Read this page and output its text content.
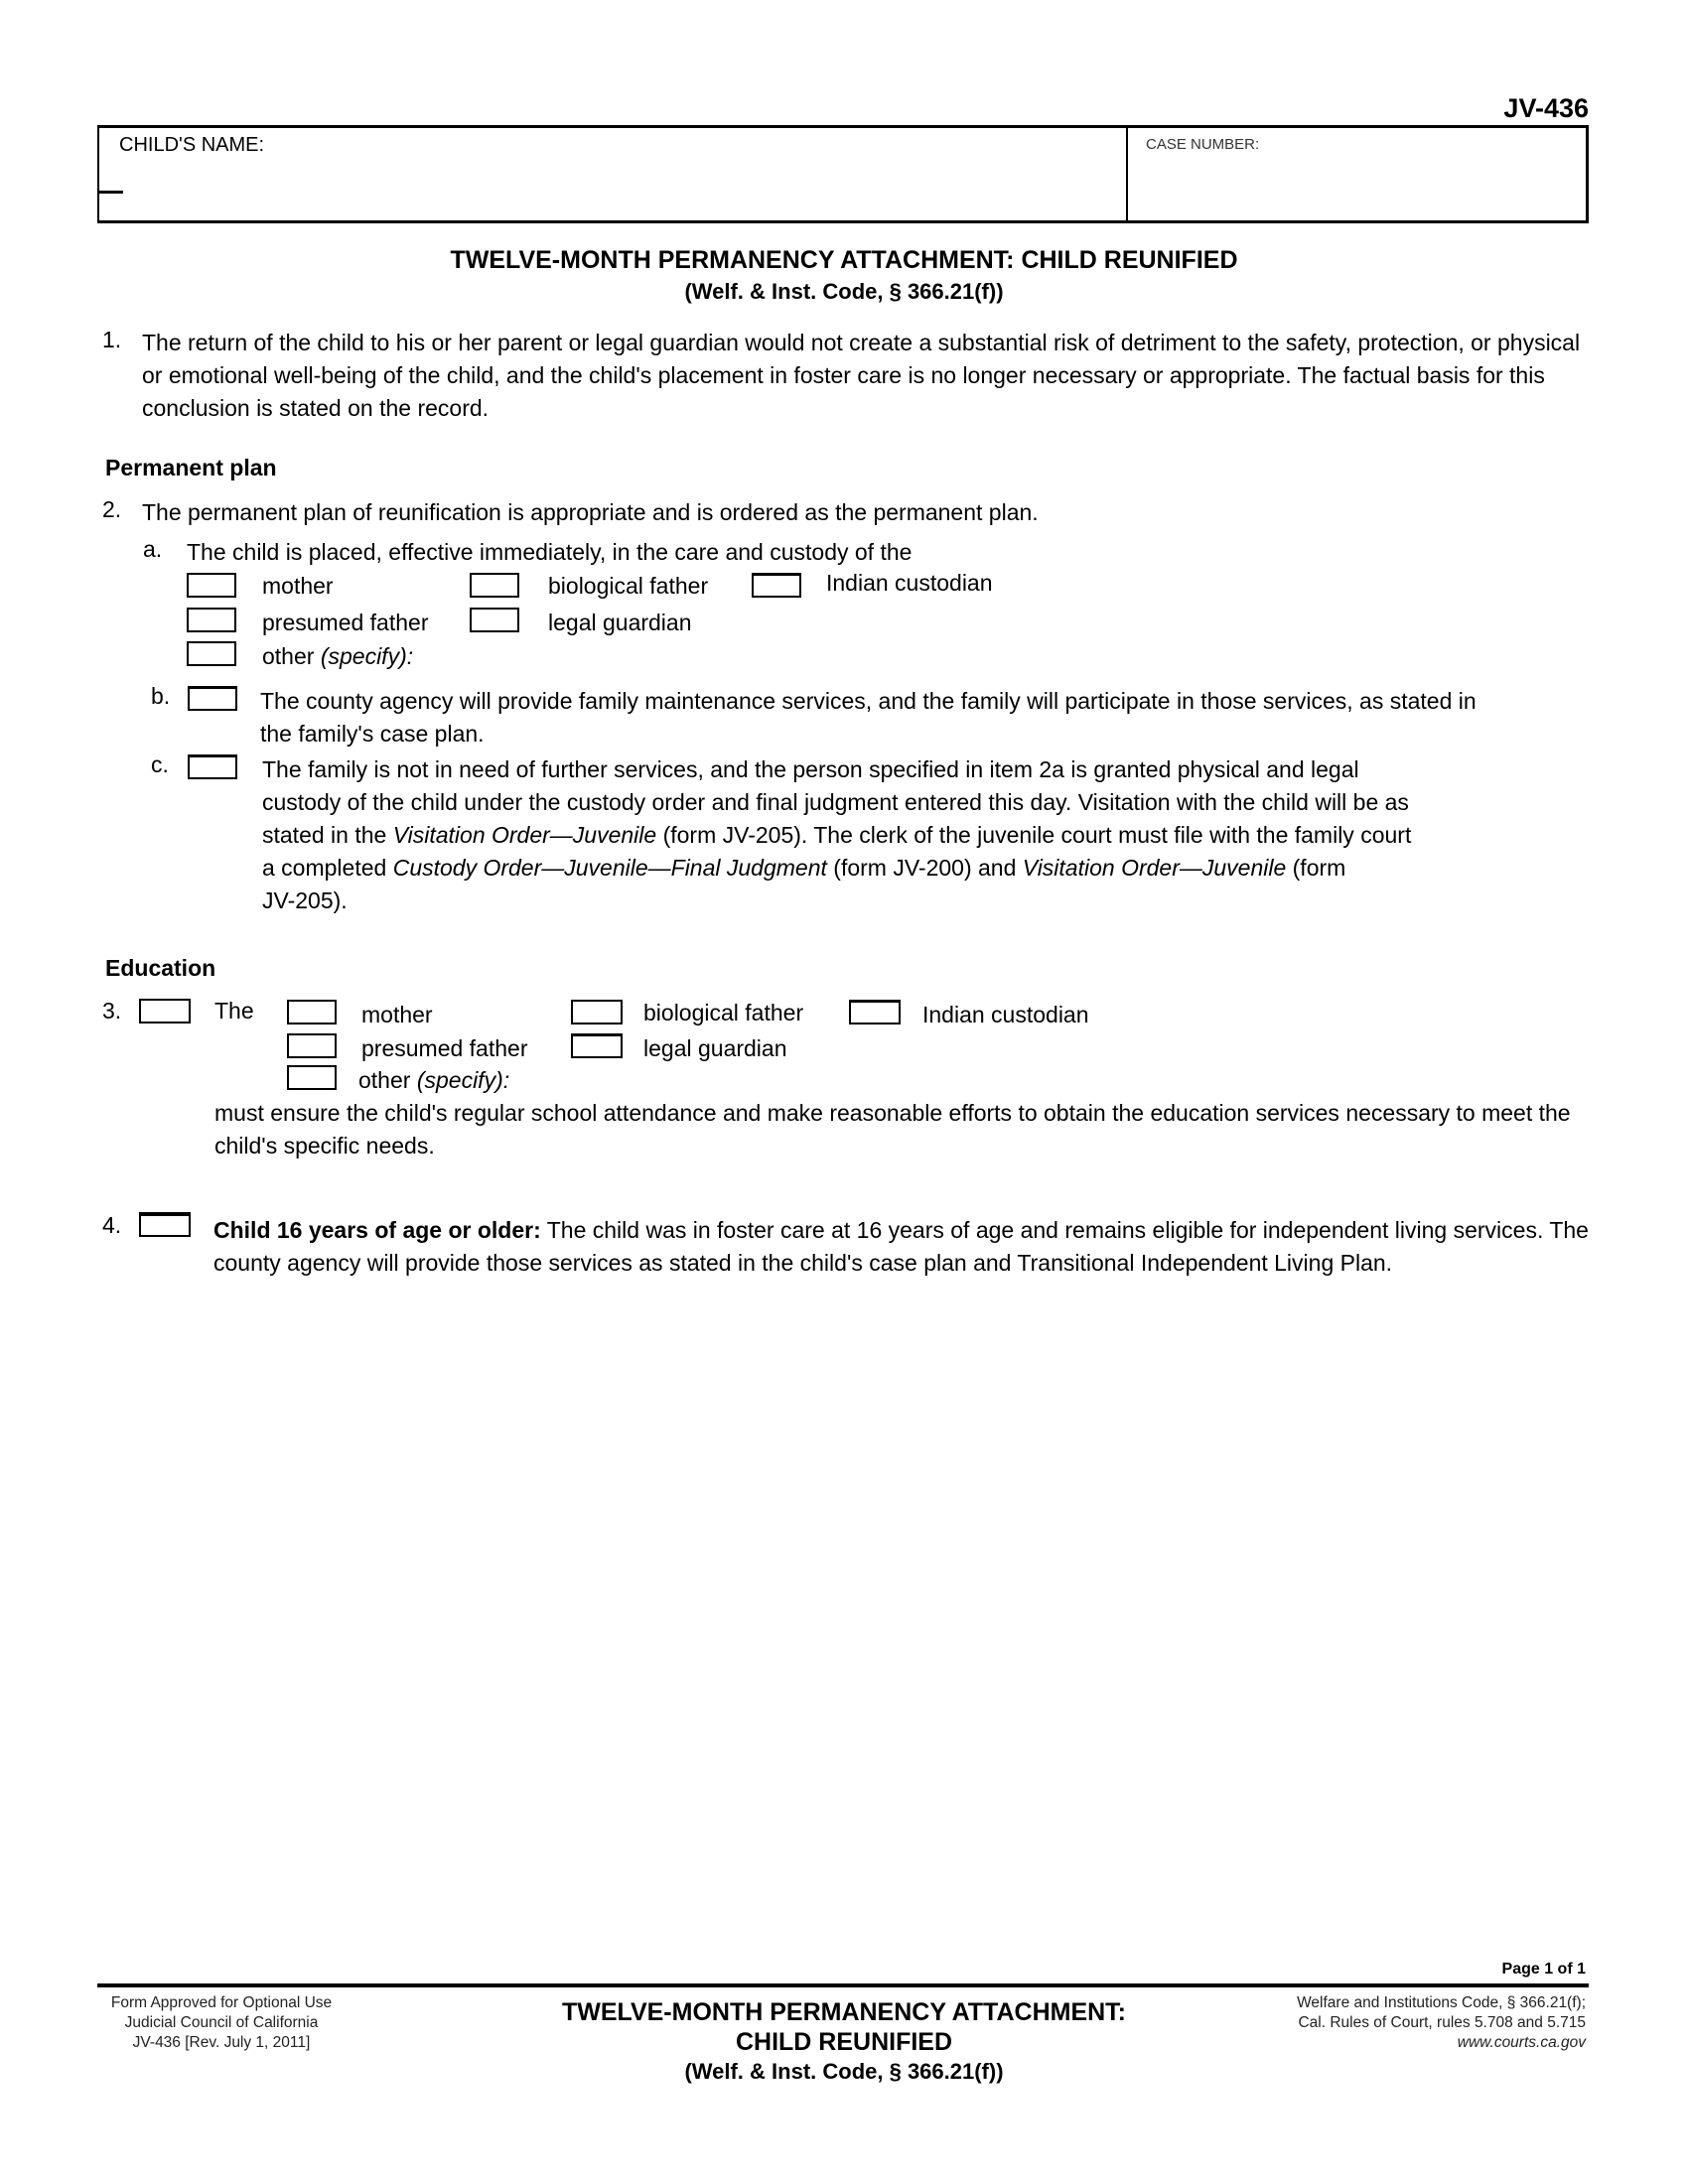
JV-436
CHILD'S NAME:	CASE NUMBER:
TWELVE-MONTH PERMANENCY ATTACHMENT: CHILD REUNIFIED
(Welf. & Inst. Code, § 366.21(f))
1. The return of the child to his or her parent or legal guardian would not create a substantial risk of detriment to the safety, protection, or physical or emotional well-being of the child, and the child's placement in foster care is no longer necessary or appropriate. The factual basis for this conclusion is stated on the record.
Permanent plan
2. The permanent plan of reunification is appropriate and is ordered as the permanent plan.
a. The child is placed, effective immediately, in the care and custody of the
mother	biological father	Indian custodian
presumed father	legal guardian
other (specify):
b.	The county agency will provide family maintenance services, and the family will participate in those services, as stated in the family's case plan.
c.	The family is not in need of further services, and the person specified in item 2a is granted physical and legal
custody of the child under the custody order and final judgment entered this day. Visitation with the child will be as
stated in the Visitation Order—Juvenile (form JV-205). The clerk of the juvenile court must file with the family court
a completed Custody Order—Juvenile—Final Judgment (form JV-200) and Visitation Order—Juvenile (form
JV-205).
Education
3.	The	mother	biological father	Indian custodian
presumed father	legal guardian
other (specify):
must ensure the child's regular school attendance and make reasonable efforts to obtain the education services necessary to meet the child's specific needs.
4.	Child 16 years of age or older: The child was in foster care at 16 years of age and remains eligible for independent living services. The county agency will provide those services as stated in the child's case plan and Transitional Independent Living Plan.
Page 1 of 1
Form Approved for Optional Use
Judicial Council of California
JV-436 [Rev. July 1, 2011]
TWELVE-MONTH PERMANENCY ATTACHMENT:
CHILD REUNIFIED
(Welf. & Inst. Code, § 366.21(f))
Welfare and Institutions Code, § 366.21(f);
Cal. Rules of Court, rules 5.708 and 5.715
www.courts.ca.gov
